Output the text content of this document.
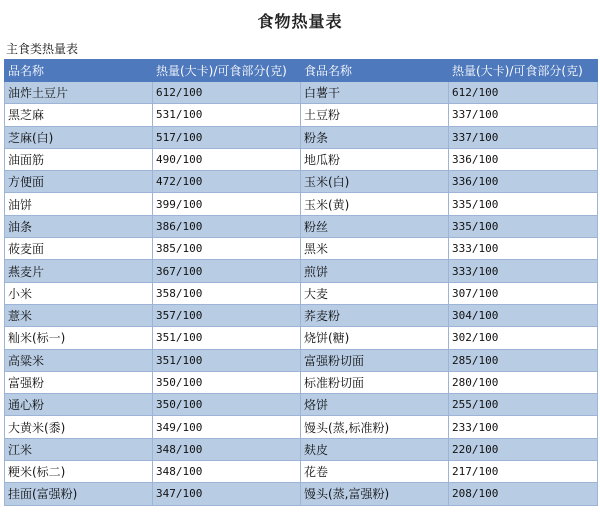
食物热量表
主食类热量表
品名称	热量(大卡)/可食部分(克)	食品名称	热量(大卡)/可食部分(克)
油炸土豆片	612/100	白薯干	612/100
黑芝麻	531/100	土豆粉	337/100
芝麻(白)	517/100	粉条	337/100
油面筋	490/100	地瓜粉	336/100
方便面	472/100	玉米(白)	336/100
油饼	399/100	玉米(黄)	335/100
油条	386/100	粉丝	335/100
莜麦面	385/100	黑米	333/100
燕麦片	367/100	煎饼	333/100
小米	358/100	大麦	307/100
薏米	357/100	荞麦粉	304/100
籼米(标一)	351/100	烧饼(糖)	302/100
高粱米	351/100	富强粉切面	285/100
富强粉	350/100	标准粉切面	280/100
通心粉	350/100	烙饼	255/100
大黄米(黍)	349/100	馒头(蒸,标准粉)	233/100
江米	348/100	麸皮	220/100
粳米(标二)	348/100	花卷	217/100
挂面(富强粉)	347/100	馒头(蒸,富强粉)	208/100
